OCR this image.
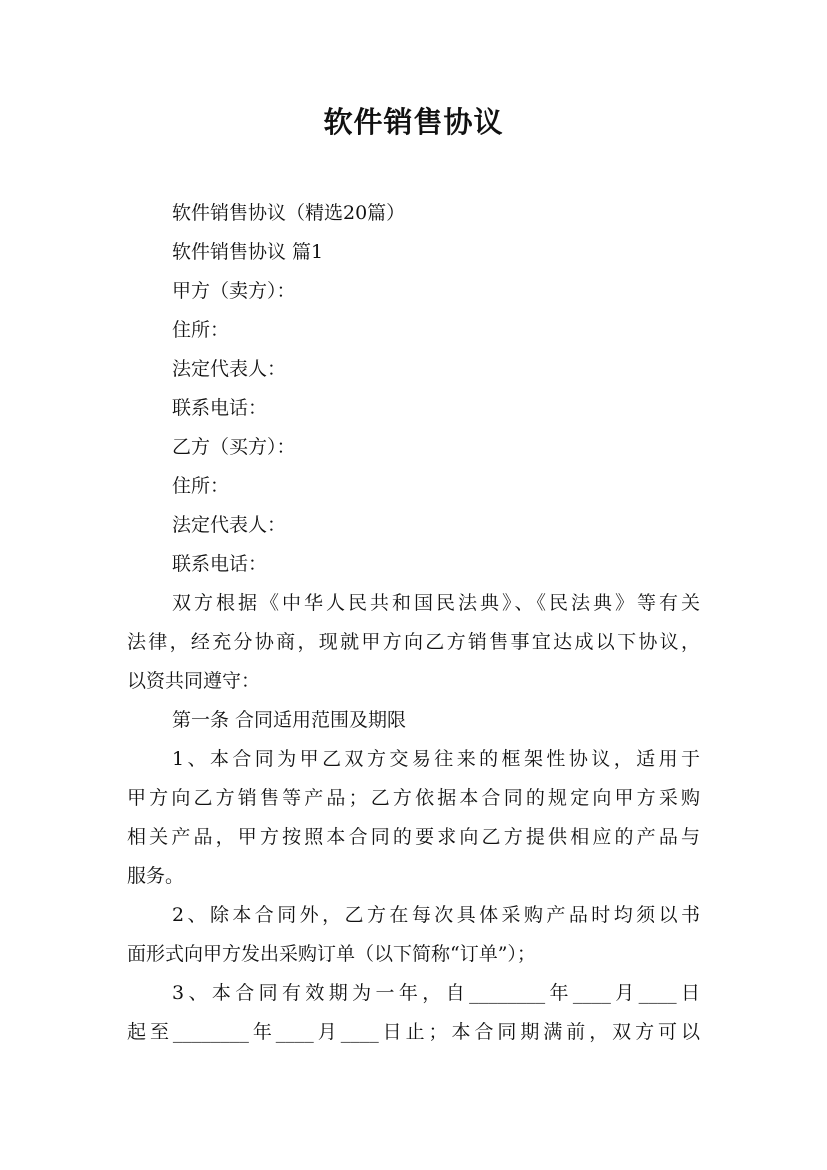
软件销售协议

软件销售协议（精选20篇）

软件销售协议 篇1

甲方（卖方）：

住所：

法定代表人：

联系电话：

乙方（买方）：

住所：

法定代表人：

联系电话：

双方根据《中华人民共和国民法典》、《民法典》等有关

法律，经充分协商，现就甲方向乙方销售事宜达成以下协议，

以资共同遵守：

第一条 合同适用范围及期限

1、本合同为甲乙双方交易往来的框架性协议，适用于

甲方向乙方销售等产品；乙方依据本合同的规定向甲方采购

相关产品，甲方按照本合同的要求向乙方提供相应的产品与

服务。

2、除本合同外，乙方在每次具体采购产品时均须以书

面形式向甲方发出采购订单（以下简称“订单”）；

3、本合同有效期为一年，自________年____月____日

起至________年____月____日止；本合同期满前，双方可以
